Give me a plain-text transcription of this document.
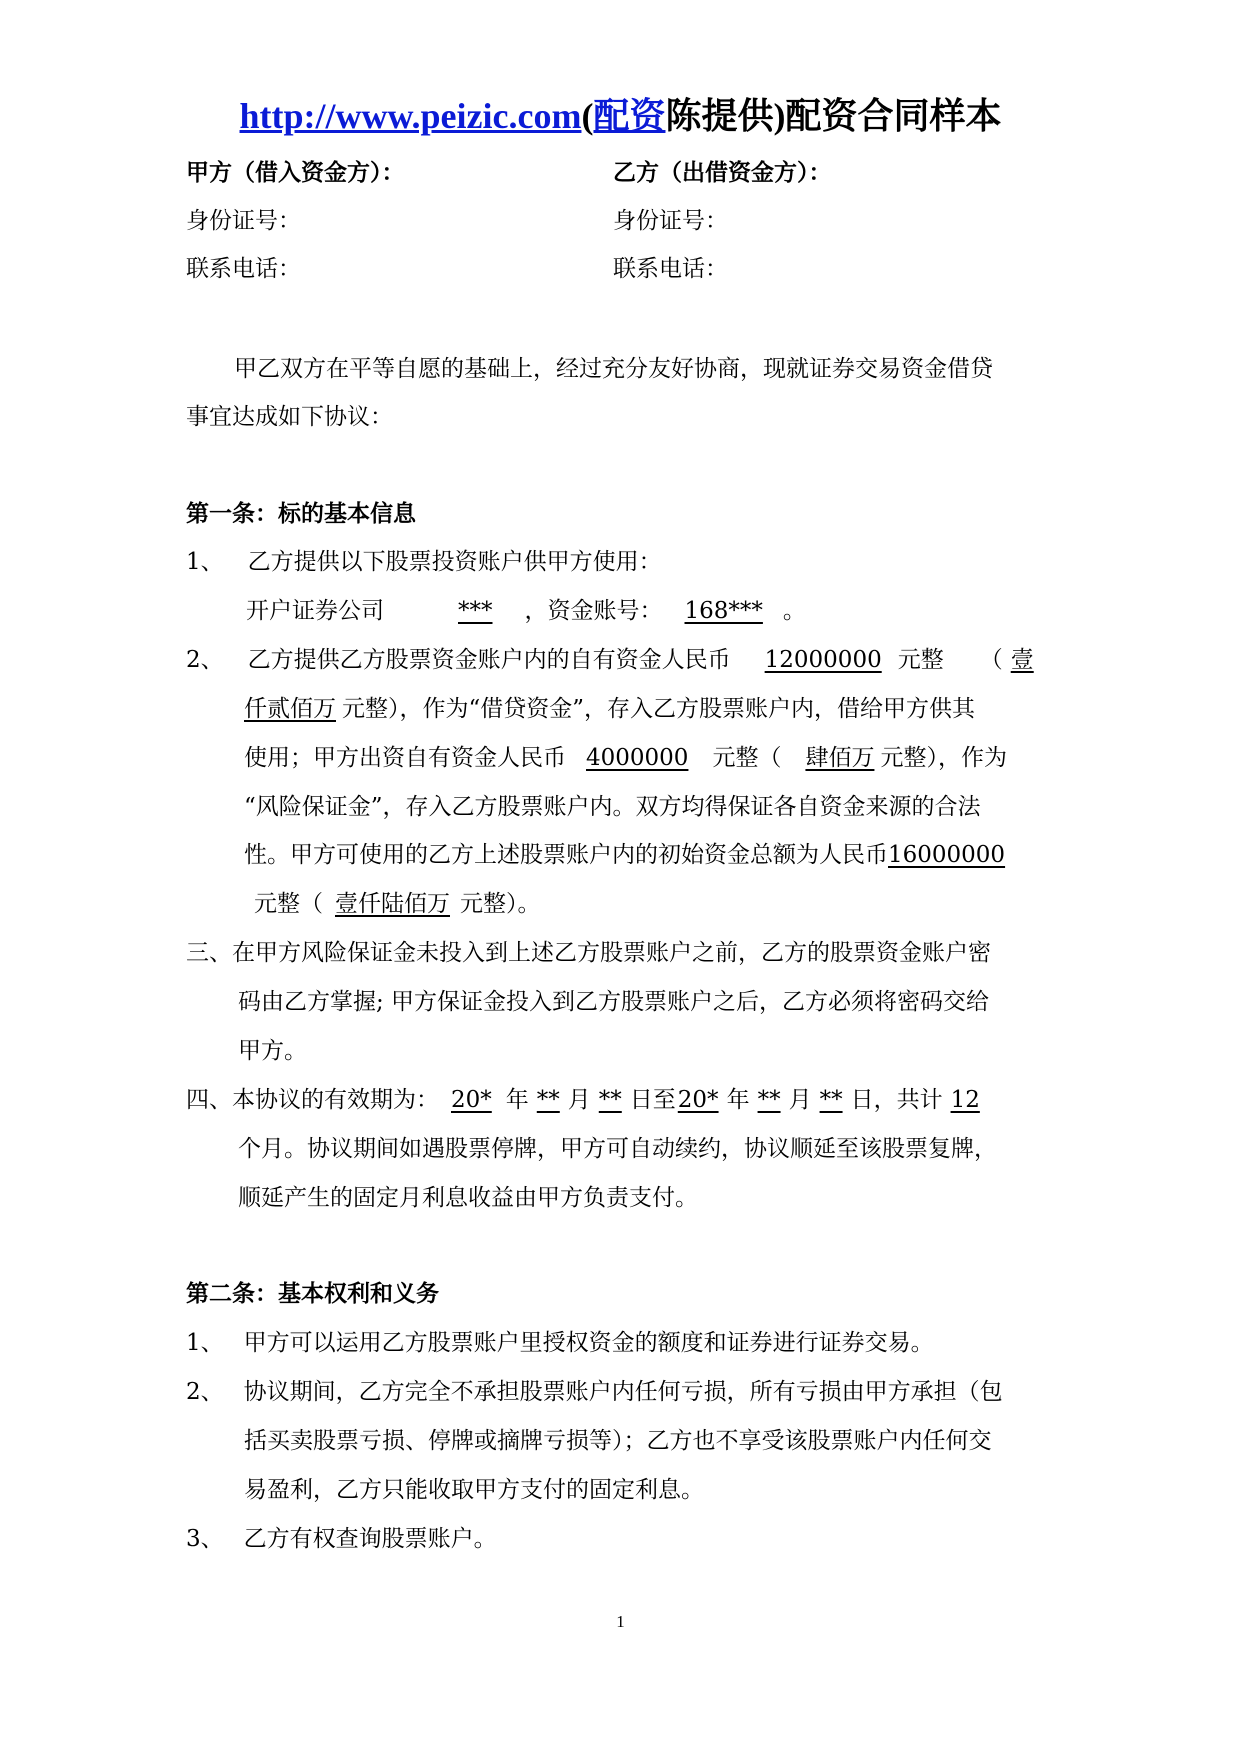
http://www.peizic.com(配资陈提供)配资合同样本
甲方（借入资金方）：	乙方（出借资金方）：
身份证号：	身份证号：
联系电话：	联系电话：
甲乙双方在平等自愿的基础上，经过充分友好协商，现就证券交易资金借贷
事宜达成如下协议：
第一条：标的基本信息
1、 乙方提供以下股票投资账户供甲方使用：
开户证券公司	*** ，资金账号： 168*** 。
2、 乙方提供乙方股票资金账户内的自有资金人民币 12000000 元整 （ 壹
仟贰佰万 元整），作为“借贷资金”，存入乙方股票账户内，借给甲方供其
使用；甲方出资自有资金人民币 4000000 元整（ 肆佰万 元整），作为
“风险保证金”，存入乙方股票账户内。双方均得保证各自资金来源的合法
性。甲方可使用的乙方上述股票账户内的初始资金总额为人民币16000000
元整（ 壹仟陆佰万 元整）。
三、在甲方风险保证金未投入到上述乙方股票账户之前，乙方的股票资金账户密
码由乙方掌握; 甲方保证金投入到乙方股票账户之后，乙方必须将密码交给
甲方。
四、本协议的有效期为： 20* 年 ** 月 ** 日至20* 年 ** 月 ** 日，共计 12
个月。协议期间如遇股票停牌，甲方可自动续约，协议顺延至该股票复牌，
顺延产生的固定月利息收益由甲方负责支付。
第二条：基本权利和义务
1、 甲方可以运用乙方股票账户里授权资金的额度和证券进行证券交易。
2、 协议期间，乙方完全不承担股票账户内任何亏损，所有亏损由甲方承担（包
括买卖股票亏损、停牌或摘牌亏损等）；乙方也不享受该股票账户内任何交
易盈利，乙方只能收取甲方支付的固定利息。
3、 乙方有权查询股票账户。
1
